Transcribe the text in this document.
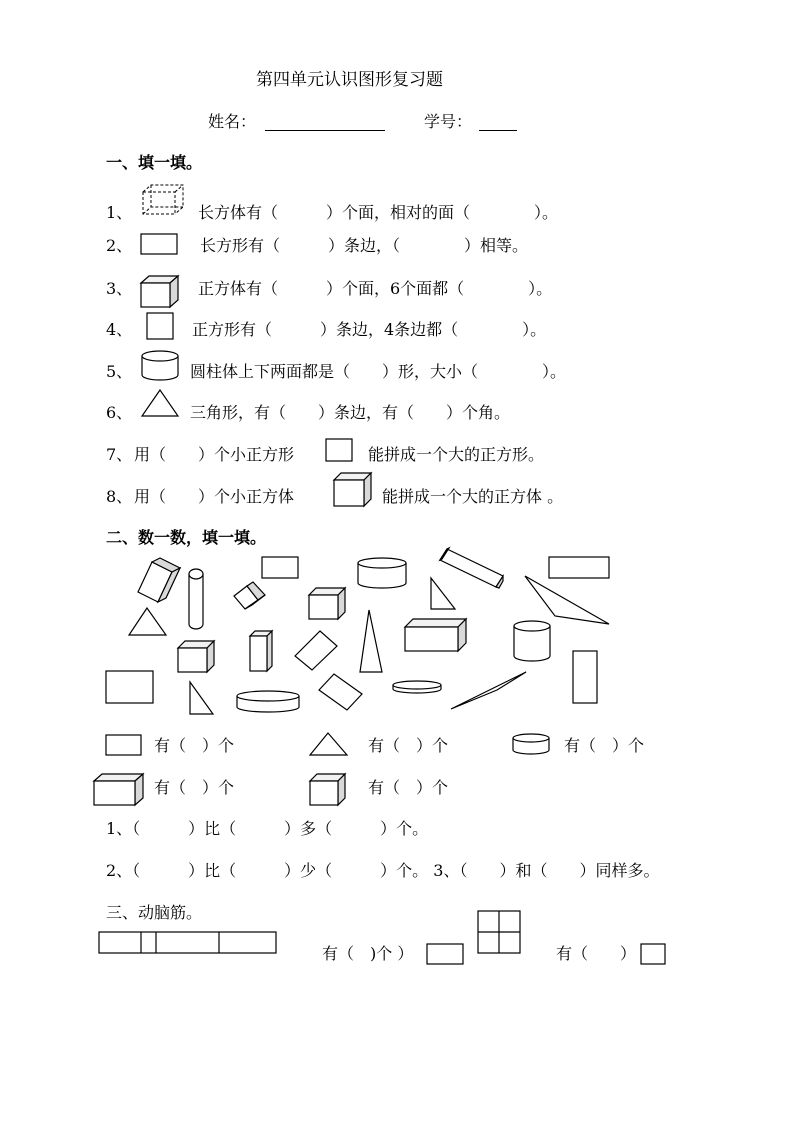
第四单元认识图形复习题
姓名：	学号：
一、填一填。
1、	长方体有（　　　）个面，相对的面（　　　　）。
2、	长方形有（　　　）条边，（　　　　）相等。
3、	正方体有（　　　）个面，6个面都（　　　　）。
4、	正方形有（　　　）条边，4条边都（　　　　）。
5、	圆柱体上下两面都是（　　）形，大小（　　　　）。
6、	三角形，有（　　）条边，有（　　）个角。
7、 用（　　）个小正方形	能拼成一个大的正方形。
8、 用（　　）个小正方体	能拼成一个大的正方体 。
二、数一数，填一填。
有（　）个	有（　）个	有（　）个
有（　）个	有（　）个
1、（　　　）比（　　　）多（　　　）个。
2、（　　　）比（　　　）少（　　　）个。 3、（　　）和（　　）同样多。
三、动脑筋。
有（　)个 ）	有（　　）
